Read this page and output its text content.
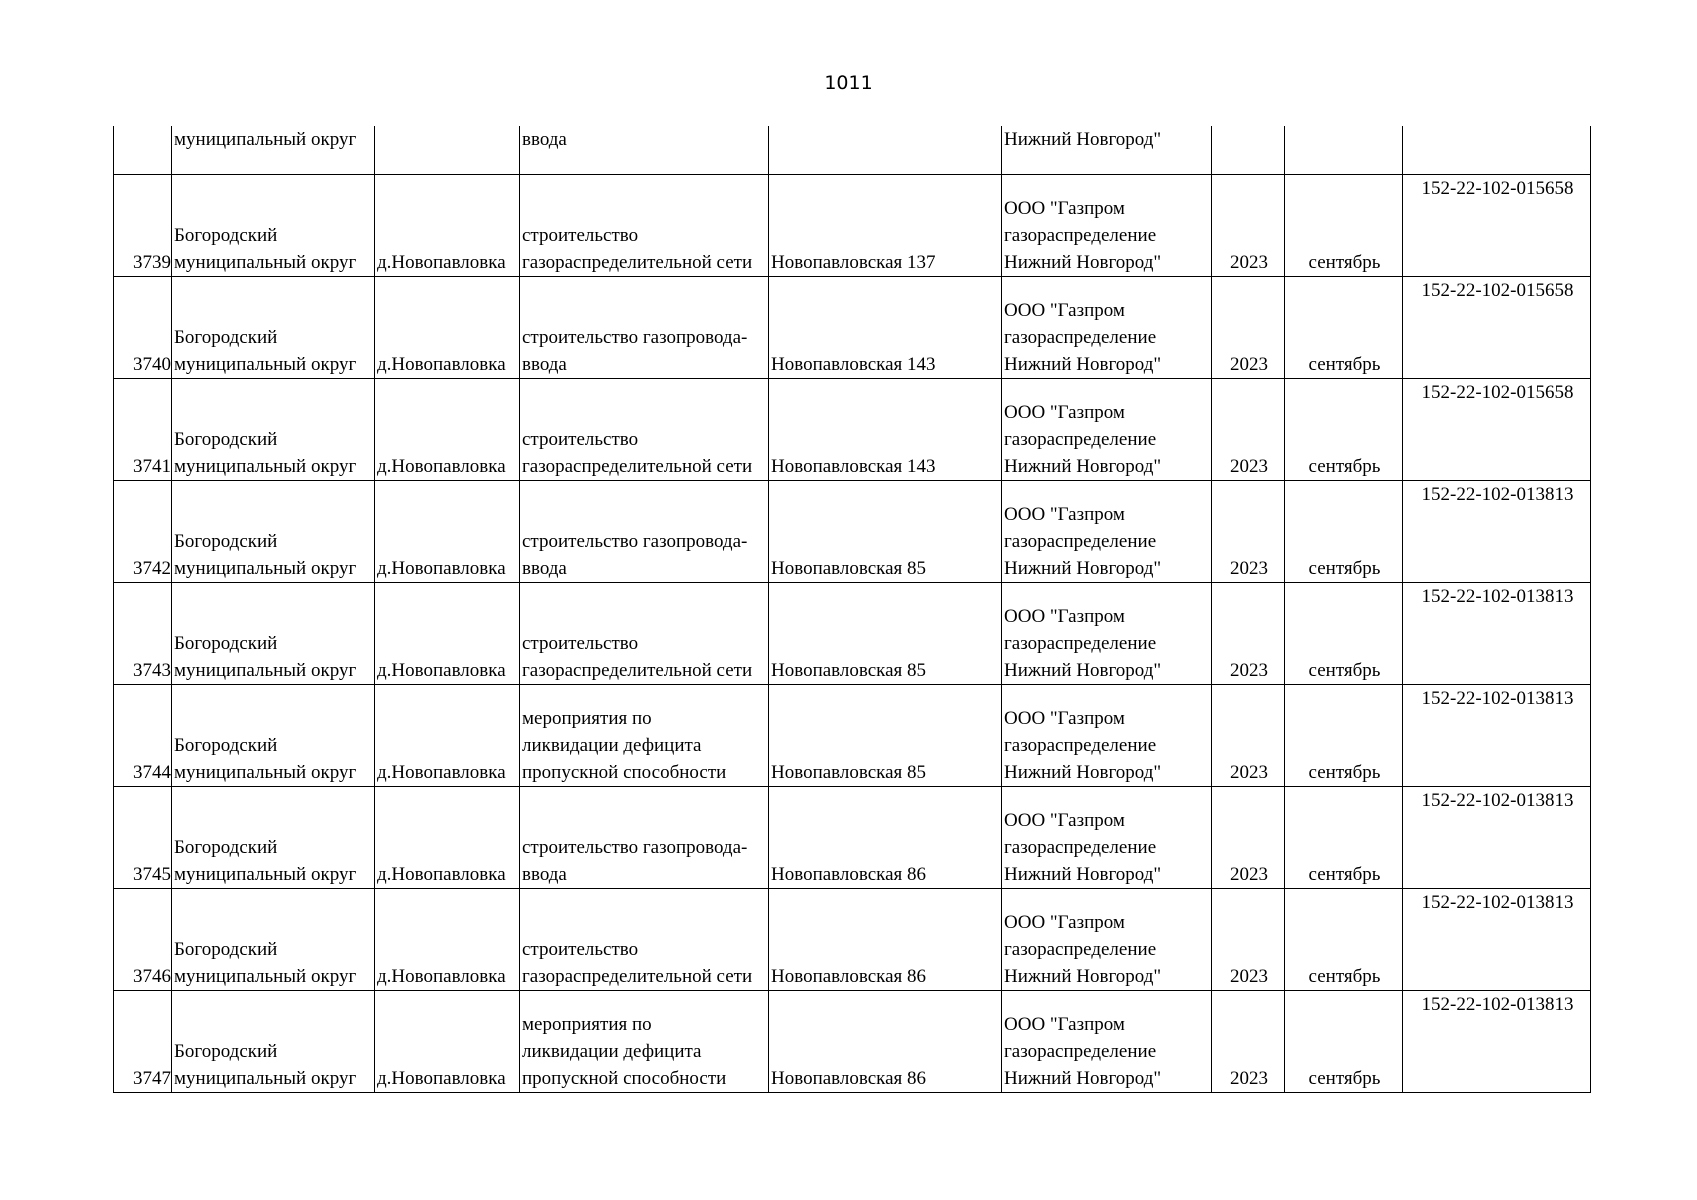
1011
	муниципальный округ		ввода		Нижний Новгород"			
3739	Богородский
муниципальный округ	д.Новопавловка	строительство
газораспределительной сети	Новопавловская 137	ООО "Газпром
газораспределение
Нижний Новгород"	2023	сентябрь	152-22-102-015658
3740	Богородский
муниципальный округ	д.Новопавловка	строительство газопровода-
ввода	Новопавловская 143	ООО "Газпром
газораспределение
Нижний Новгород"	2023	сентябрь	152-22-102-015658
3741	Богородский
муниципальный округ	д.Новопавловка	строительство
газораспределительной сети	Новопавловская 143	ООО "Газпром
газораспределение
Нижний Новгород"	2023	сентябрь	152-22-102-015658
3742	Богородский
муниципальный округ	д.Новопавловка	строительство газопровода-
ввода	Новопавловская 85	ООО "Газпром
газораспределение
Нижний Новгород"	2023	сентябрь	152-22-102-013813
3743	Богородский
муниципальный округ	д.Новопавловка	строительство
газораспределительной сети	Новопавловская 85	ООО "Газпром
газораспределение
Нижний Новгород"	2023	сентябрь	152-22-102-013813
3744	Богородский
муниципальный округ	д.Новопавловка	мероприятия по
ликвидации дефицита
пропускной способности	Новопавловская 85	ООО "Газпром
газораспределение
Нижний Новгород"	2023	сентябрь	152-22-102-013813
3745	Богородский
муниципальный округ	д.Новопавловка	строительство газопровода-
ввода	Новопавловская 86	ООО "Газпром
газораспределение
Нижний Новгород"	2023	сентябрь	152-22-102-013813
3746	Богородский
муниципальный округ	д.Новопавловка	строительство
газораспределительной сети	Новопавловская 86	ООО "Газпром
газораспределение
Нижний Новгород"	2023	сентябрь	152-22-102-013813
3747	Богородский
муниципальный округ	д.Новопавловка	мероприятия по
ликвидации дефицита
пропускной способности	Новопавловская 86	ООО "Газпром
газораспределение
Нижний Новгород"	2023	сентябрь	152-22-102-013813
